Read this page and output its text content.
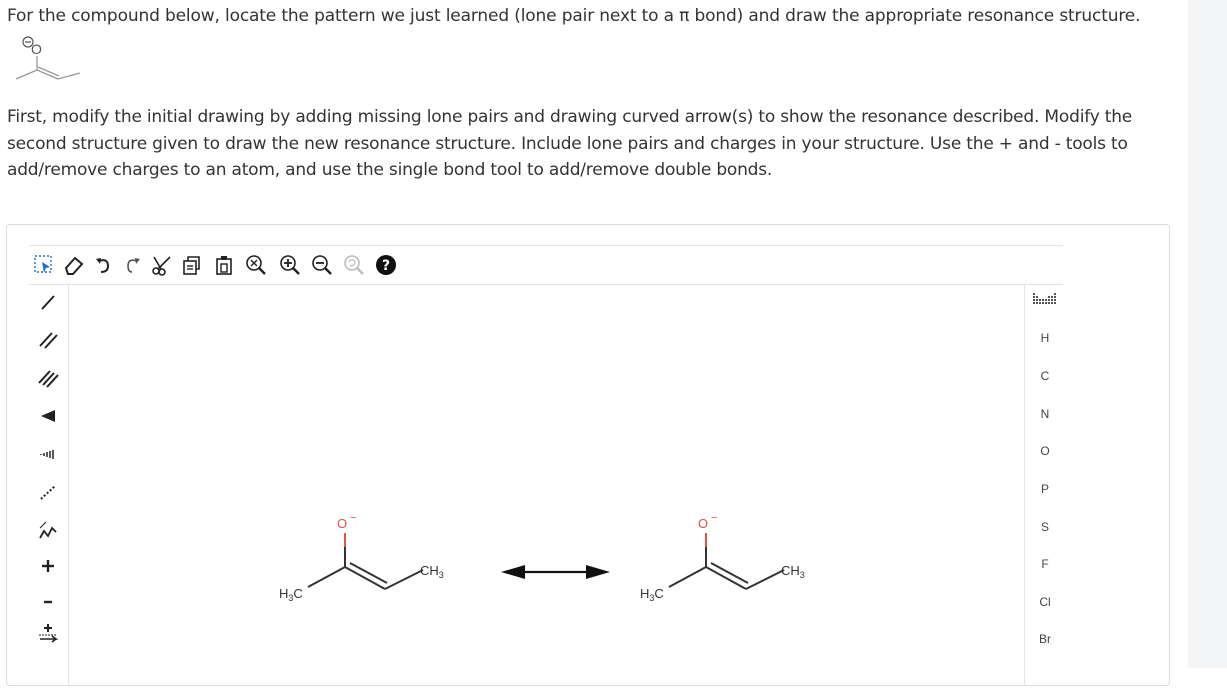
For the compound below, locate the pattern we just learned (lone pair next to a π bond) and draw the appropriate resonance structure.
O
First, modify the initial drawing by adding missing lone pairs and drawing curved arrow(s) to show the resonance described. Modify the second structure given to draw the new resonance structure. Include lone pairs and charges in your structure. Use the + and - tools to add/remove charges to an atom, and use the single bond tool to add/remove double bonds.
?
O −
$CH_3$
$H_3C$
O −
$CH_3$
$H_3C$
H
C
N
O
P
S
F
Cl
Br
